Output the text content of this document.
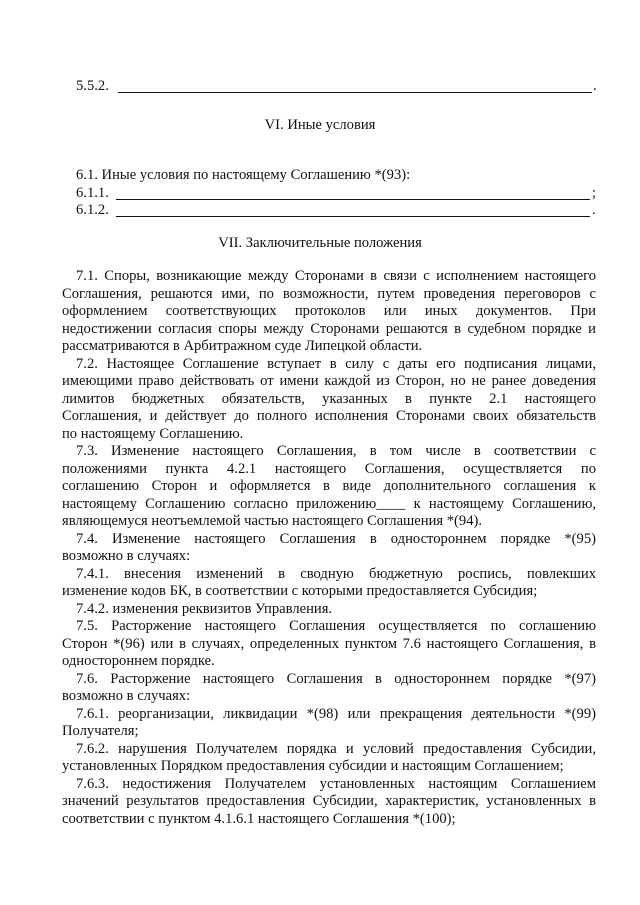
5.5.2.	.
VI. Иные условия
6.1. Иные условия по настоящему Соглашению *(93):
6.1.1.	;
6.1.2.	.
VII. Заключительные положения
7.1. Споры, возникающие между Сторонами в связи с исполнением настоящего
Соглашения, решаются ими, по возможности, путем проведения переговоров с
оформлением соответствующих протоколов или иных документов. При
недостижении согласия споры между Сторонами решаются в судебном порядке и
рассматриваются в Арбитражном суде Липецкой области.
7.2. Настоящее Соглашение вступает в силу с даты его подписания лицами,
имеющими право действовать от имени каждой из Сторон, но не ранее доведения
лимитов бюджетных обязательств, указанных в пункте 2.1 настоящего
Соглашения, и действует до полного исполнения Сторонами своих обязательств
по настоящему Соглашению.
7.3. Изменение настоящего Соглашения, в том числе в соответствии с
положениями пункта 4.2.1 настоящего Соглашения, осуществляется по
соглашению Сторон и оформляется в виде дополнительного соглашения к
настоящему Соглашению согласно приложению____ к настоящему Соглашению,
являющемуся неотъемлемой частью настоящего Соглашения *(94).
7.4. Изменение настоящего Соглашения в одностороннем порядке *(95)
возможно в случаях:
7.4.1. внесения изменений в сводную бюджетную роспись, повлекших
изменение кодов БК, в соответствии с которыми предоставляется Субсидия;
7.4.2. изменения реквизитов Управления.
7.5. Расторжение настоящего Соглашения осуществляется по соглашению
Сторон *(96) или в случаях, определенных пунктом 7.6 настоящего Соглашения, в
одностороннем порядке.
7.6. Расторжение настоящего Соглашения в одностороннем порядке *(97)
возможно в случаях:
7.6.1. реорганизации, ликвидации *(98) или прекращения деятельности *(99)
Получателя;
7.6.2. нарушения Получателем порядка и условий предоставления Субсидии,
установленных Порядком предоставления субсидии и настоящим Соглашением;
7.6.3. недостижения Получателем установленных настоящим Соглашением
значений результатов предоставления Субсидии, характеристик, установленных в
соответствии с пунктом 4.1.6.1 настоящего Соглашения *(100);
